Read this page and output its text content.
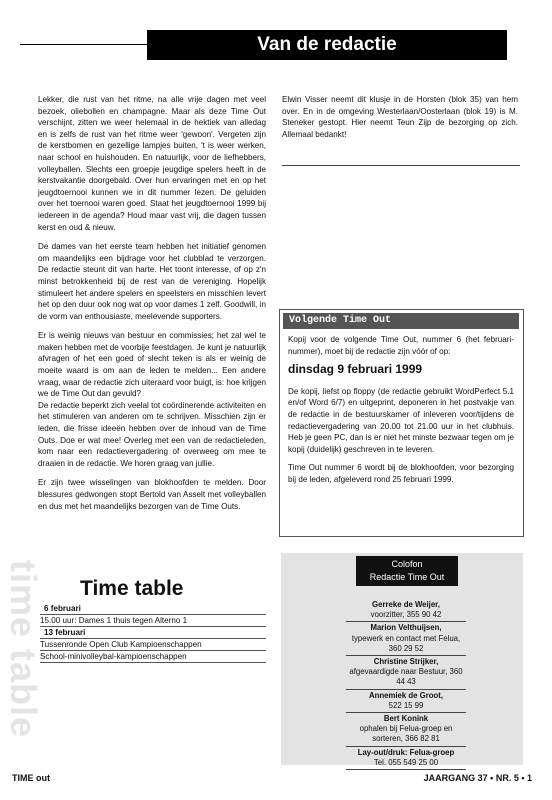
Van de redactie

Lekker, die rust van het ritme, na alle vrije dagen met veel bezoek, oliebollen en champagne. Maar als deze Time Out verschijnt, zitten we weer helemaal in de hektiek van alledag en is zelfs de rust van het ritme weer 'gewoon'. Vergeten zijn de kerstbomen en gezellige lampjes buiten, 't is weer werken, naar school en huishouden. En natuurlijk, voor de liefhebbers, volleyballen. Slechts een groepje jeugdige spelers heeft in de kerstvakantie doorgebald. Over hun ervaringen met en op het jeugdtoernooi kunnen we in dit nummer lezen. De geluiden over het toernooi waren goed. Staat het jeugdtoernooi 1999 bij iedereen in de agenda? Houd maar vast vrij, die dagen tussen kerst en oud & nieuw.

De dames van het eerste team hebben het initiatief genomen om maandelijks een bijdrage voor het clubblad te verzorgen. De redactie steunt dit van harte. Het toont interesse, of op z'n minst betrokkenheid bij de rest van de vereniging. Hopelijk stimuleert het andere spelers en speelsters en misschien levert het op den duur ook nog wat op voor dames 1 zelf. Goodwill, in de vorm van enthousiaste, meelevende supporters.

Er is weinig nieuws van bestuur en commissies; het zal wel te maken hebben met de voorbije feestdagen. Je kunt je natuurlijk afvragen of het een goed of slecht teken is als er weinig de moeite waard is om aan de leden te melden... Een andere vraag, waar de redactie zich uiteraard voor buigt, is: hoe krijgen we de Time Out dan gevuld?
De redactie beperkt zich veelal tot coördinerende activiteiten en het stimuleren van anderen om te schrijven. Misschien zijn er leden, die frisse ideeën hebben over de inhoud van de Time Outs. Doe er wat mee! Overleg met een van de redactieleden, kom naar een redactievergadering of overweeg om mee te draaien in de redactie. We horen graag van jullie.

Er zijn twee wisselingen van blokhoofden te melden. Door blessures gedwongen stopt Bertold van Asselt met volleyballen en dus met het maandelijks bezorgen van de Time Outs.

Elwin Visser neemt dit klusje in de Horsten (blok 35) van hem over. En in de omgeving Westerlaan/Oosterlaan (blok 19) is M. Steneker gestopt. Hier neemt Teun Zijp de bezorging op zich. Allemaal bedankt!

Volgende Time Out

Kopij voor de volgende Time Out, nummer 6 (het februari-nummer), moet bij de redactie zijn vóór of op:

dinsdag 9 februari 1999

De kopij, liefst op floppy (de redactie gebruikt WordPerfect 5.1 en/of Word 6/7) en uitgeprint, deponeren in het postvakje van de redactie in de bestuurskamer of inleveren voor/tijdens de redactievergadering van 20.00 tot 21.00 uur in het clubhuis. Heb je geen PC, dan is er niet het minste bezwaar tegen om je kopij (duidelijk) geschreven in te leveren.

Time Out nummer 6 wordt bij de blokhoofden, voor bezorging bij de leden, afgeleverd rond 25 februari 1999.

time table Time table
6 februari
15.00 uur: Dames 1 thuis tegen Alterno 1
13 februari
Tussenronde Open Club Kampioenschappen
School-minivolleybal-kampioenschappen
Colofon
Redactie Time Out
Gerreke de Weijer,
voorzitter, 355 90 42
Marion Velthuijsen,
typewerk en contact met Felua, 360 29 52
Christine Strijker,
afgevaardigde naar Bestuur, 360 44 43
Annemiek de Groot,
522 15 99
Bert Konink
ophalen bij Felua-groep en sorteren, 366 82 81
Lay-out/druk: Felua-groep
Tel. 055 549 25 00
TIME out	JAARGANG 37 • NR. 5 • 1
